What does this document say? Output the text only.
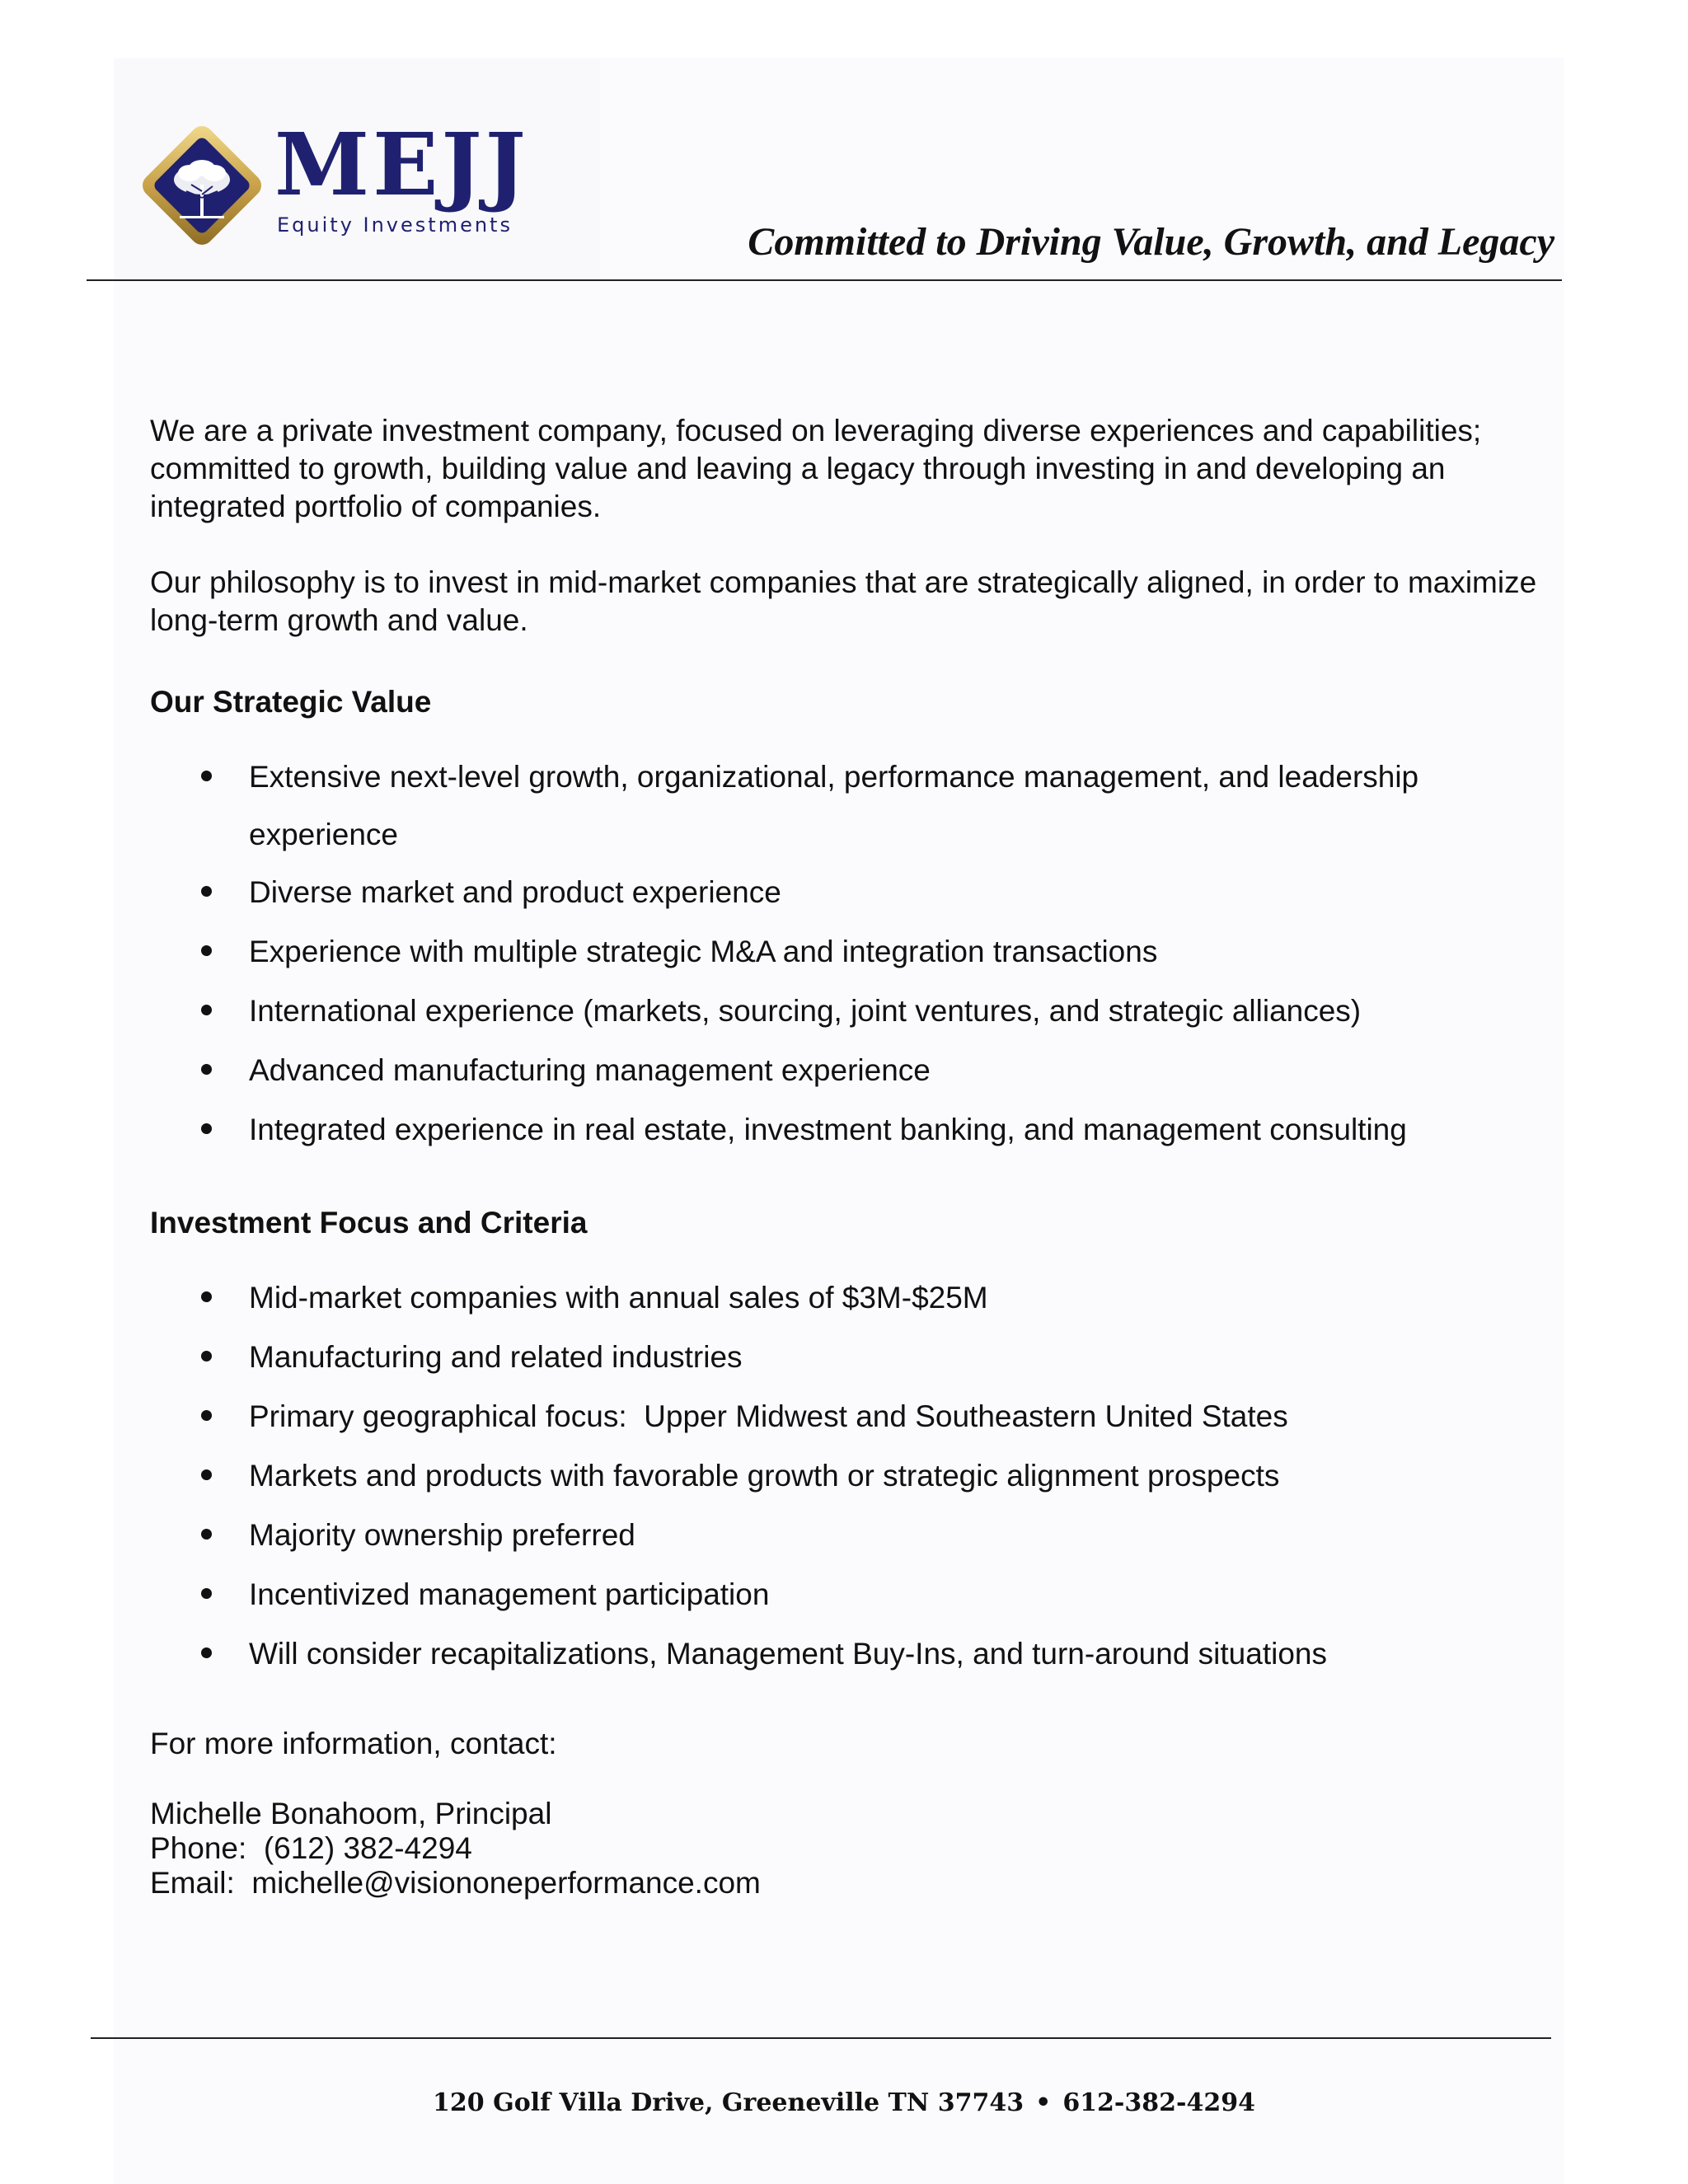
MEJJ
Equity Investments	Committed to Driving Value, Growth, and Legacy

We are a private investment company, focused on leveraging diverse experiences and capabilities; committed to growth, building value and leaving a legacy through investing in and developing an integrated portfolio of companies.

Our philosophy is to invest in mid-market companies that are strategically aligned, in order to maximize long-term growth and value.

Our Strategic Value
Extensive next-level growth, organizational, performance management, and leadership experience
Diverse market and product experience
Experience with multiple strategic M&A and integration transactions
International experience (markets, sourcing, joint ventures, and strategic alliances)
Advanced manufacturing management experience
Integrated experience in real estate, investment banking, and management consulting
Investment Focus and Criteria
Mid-market companies with annual sales of $3M-$25M
Manufacturing and related industries
Primary geographical focus:  Upper Midwest and Southeastern United States
Markets and products with favorable growth or strategic alignment prospects
Majority ownership preferred
Incentivized management participation
Will consider recapitalizations, Management Buy-Ins, and turn-around situations

For more information, contact:

Michelle Bonahoom, Principal
Phone:  (612) 382-4294
Email:  michelle@visiononeperformance.com
120 Golf Villa Drive, Greeneville TN 37743 • 612-382-4294
